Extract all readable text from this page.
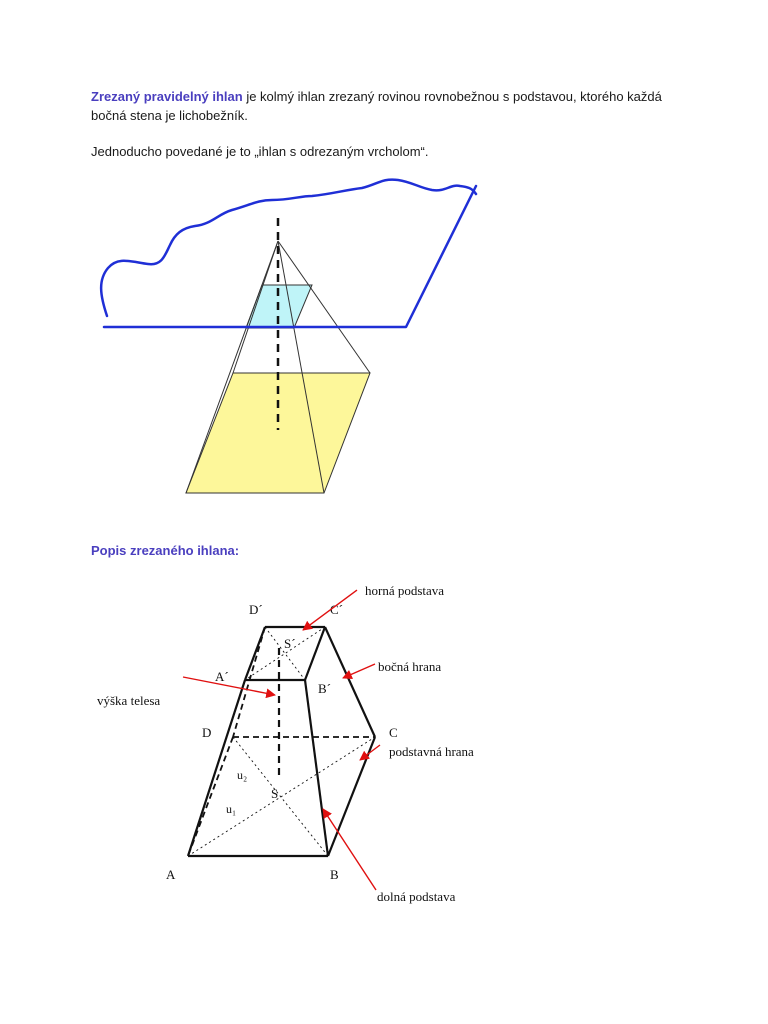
Zrezaný pravidelný ihlan je kolmý ihlan zrezaný rovinou rovnobežnou s podstavou, ktorého každá bočná stena je lichobežník.

Jednoducho povedané je to „ihlan s odrezaným vrcholom“.

Popis zrezaného ihlana:

D´	C´
S´
A´
B´
D	C
S
u₂
u₁
A	B
horná podstava
bočná hrana
výška telesa
podstavná hrana
dolná podstava
